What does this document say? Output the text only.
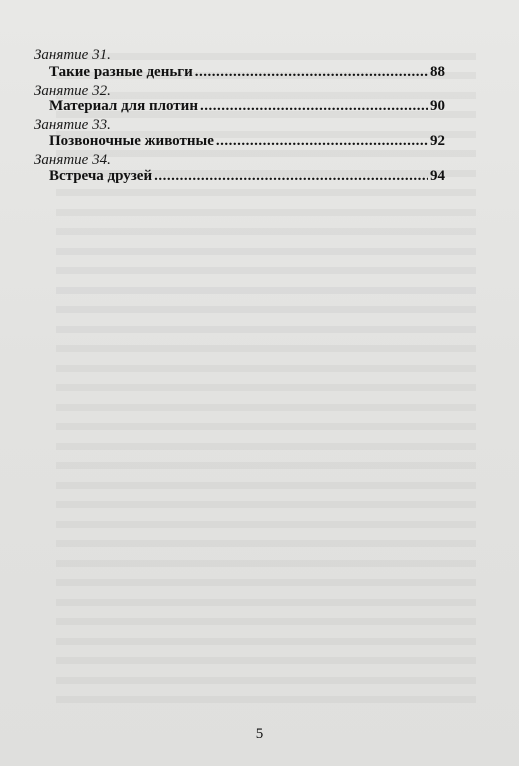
Занятие 31.
Такие разные деньги .....	88
Занятие 32.
Материал для плотин .....	90
Занятие 33.
Позвоночные животные .....	92
Занятие 34.
Встреча друзей .....	94
5
